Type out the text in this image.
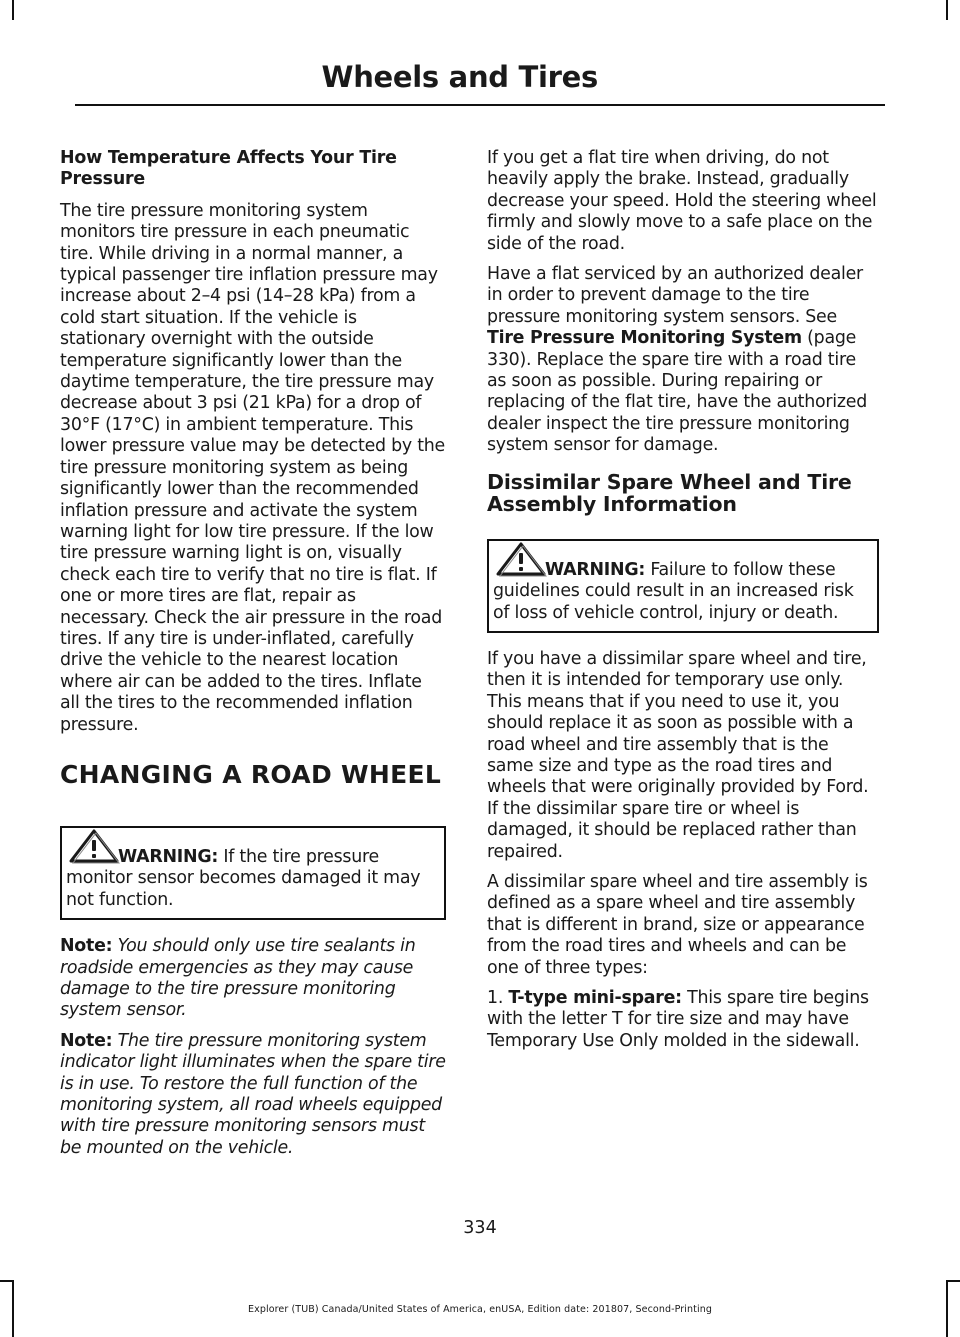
Wheels and Tires
How Temperature Affects Your Tire Pressure

The tire pressure monitoring system monitors tire pressure in each pneumatic tire. While driving in a normal manner, a typical passenger tire inflation pressure may increase about 2–4 psi (14–28 kPa) from a cold start situation. If the vehicle is stationary overnight with the outside temperature significantly lower than the daytime temperature, the tire pressure may decrease about 3 psi (21 kPa) for a drop of 30°F (17°C) in ambient temperature. This lower pressure value may be detected by the tire pressure monitoring system as being significantly lower than the recommended inflation pressure and activate the system warning light for low tire pressure. If the low tire pressure warning light is on, visually check each tire to verify that no tire is flat. If one or more tires are flat, repair as necessary. Check the air pressure in the road tires. If any tire is under-inflated, carefully drive the vehicle to the nearest location where air can be added to the tires. Inflate all the tires to the recommended inflation pressure.

CHANGING A ROAD WHEEL
WARNING: If the tire pressure monitor sensor becomes damaged it may not function.

Note: You should only use tire sealants in roadside emergencies as they may cause damage to the tire pressure monitoring system sensor.

Note: The tire pressure monitoring system indicator light illuminates when the spare tire is in use. To restore the full function of the monitoring system, all road wheels equipped with tire pressure monitoring sensors must be mounted on the vehicle.

If you get a flat tire when driving, do not heavily apply the brake. Instead, gradually decrease your speed. Hold the steering wheel firmly and slowly move to a safe place on the side of the road.

Have a flat serviced by an authorized dealer in order to prevent damage to the tire pressure monitoring system sensors. See Tire Pressure Monitoring System (page 330). Replace the spare tire with a road tire as soon as possible. During repairing or replacing of the flat tire, have the authorized dealer inspect the tire pressure monitoring system sensor for damage.

Dissimilar Spare Wheel and Tire Assembly Information
WARNING: Failure to follow these guidelines could result in an increased risk of loss of vehicle control, injury or death.

If you have a dissimilar spare wheel and tire, then it is intended for temporary use only. This means that if you need to use it, you should replace it as soon as possible with a road wheel and tire assembly that is the same size and type as the road tires and wheels that were originally provided by Ford. If the dissimilar spare tire or wheel is damaged, it should be replaced rather than repaired.

A dissimilar spare wheel and tire assembly is defined as a spare wheel and tire assembly that is different in brand, size or appearance from the road tires and wheels and can be one of three types:

1. T-type mini-spare: This spare tire begins with the letter T for tire size and may have Temporary Use Only molded in the sidewall.

334
Explorer (TUB) Canada/United States of America, enUSA, Edition date: 201807, Second-Printing
